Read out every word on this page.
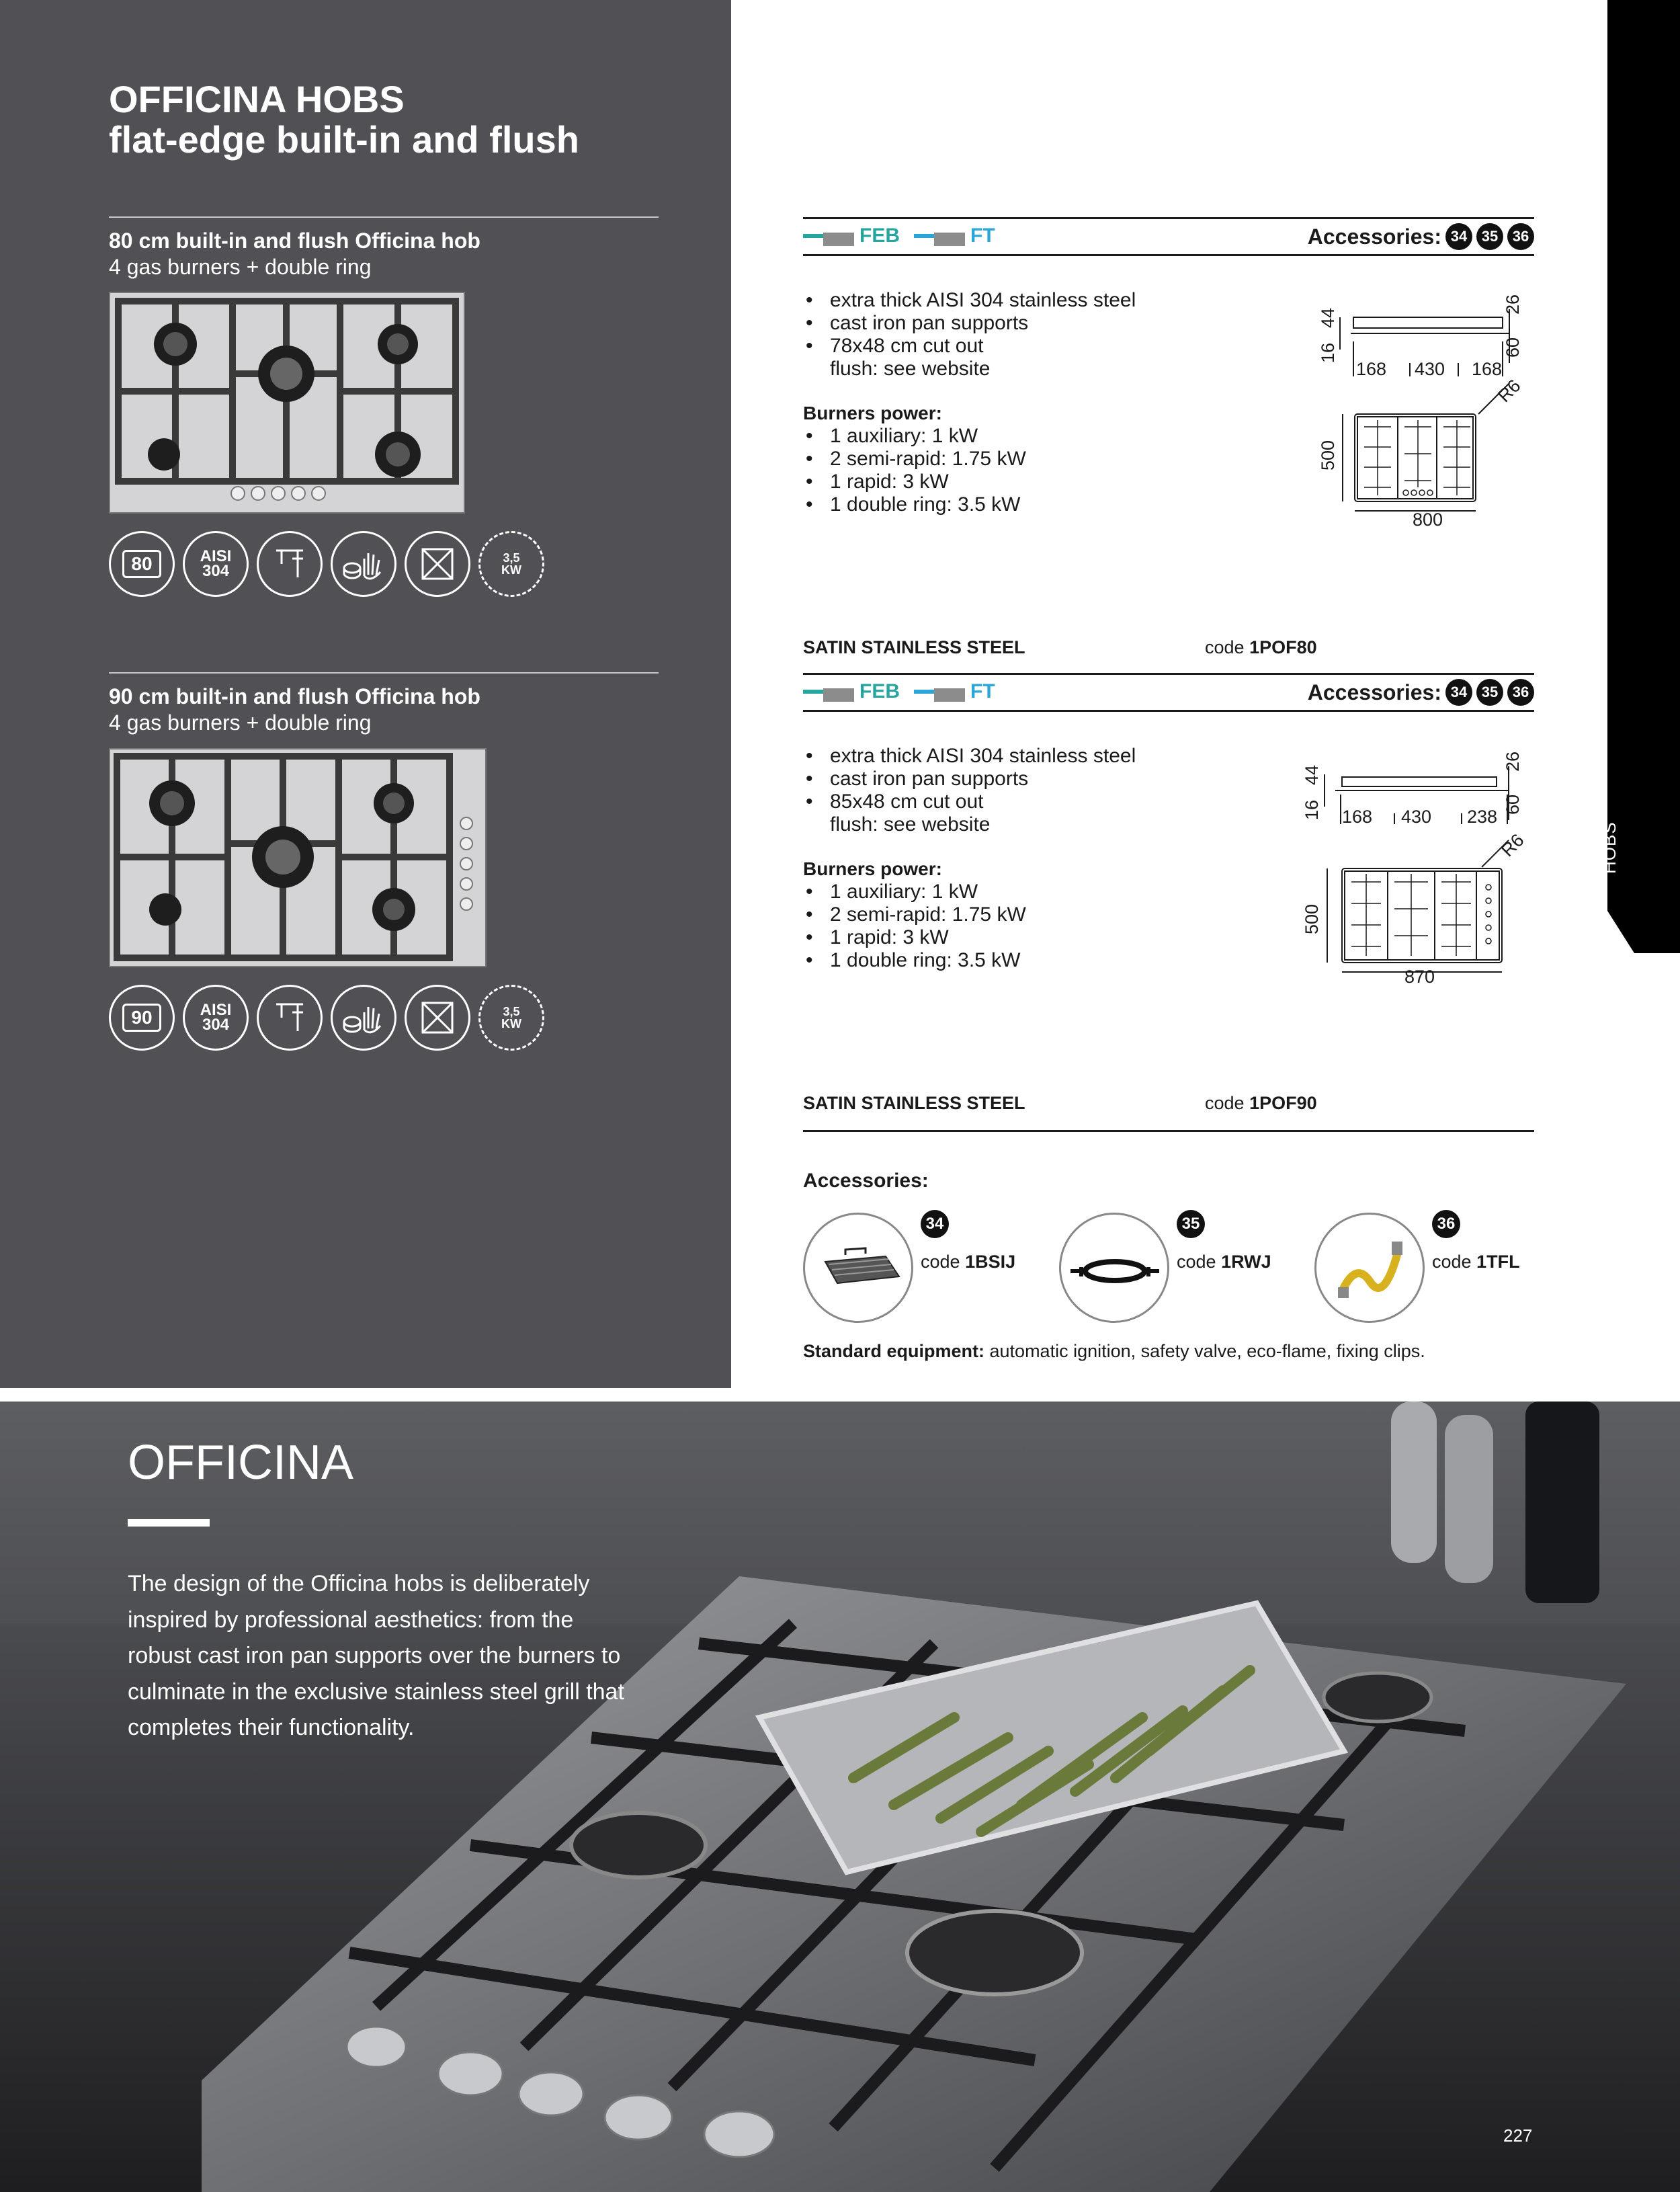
OFFICINA HOBS
flat-edge built-in and flush
80 cm built-in and flush Officina hob
4 gas burners + double ring
80	AISI
304
3,5
KW
90 cm built-in and flush Officina hob
4 gas burners + double ring
90	AISI
304
3,5
KW
HOBS
FEB	FT	Accessories: 34 35 36
• extra thick AISI 304 stainless steel
• cast iron pan supports
• 78x48 cm cut out
flush: see website
Burners power:
• 1 auxiliary: 1 kW
• 2 semi-rapid: 1.75 kW
• 1 rapid: 3 kW
• 1 double ring: 3.5 kW
44
16
26
60
168 430 168
R6
500
800
SATIN STAINLESS STEEL	code 1POF80
FEB	FT	Accessories: 34 35 36
• extra thick AISI 304 stainless steel
• cast iron pan supports
• 85x48 cm cut out
flush: see website
Burners power:
• 1 auxiliary: 1 kW
• 2 semi-rapid: 1.75 kW
• 1 rapid: 3 kW
• 1 double ring: 3.5 kW
44
16
26
60
168 430 238
R6
500
870
SATIN STAINLESS STEEL	code 1POF90
Accessories:
34
code 1BSIJ
35
code 1RWJ
36
code 1TFL
Standard equipment: automatic ignition, safety valve, eco-flame, fixing clips.
OFFICINA
The design of the Officina hobs is deliberately inspired by professional aesthetics: from the robust cast iron pan supports over the burners to culminate in the exclusive stainless steel grill that completes their functionality.
227
